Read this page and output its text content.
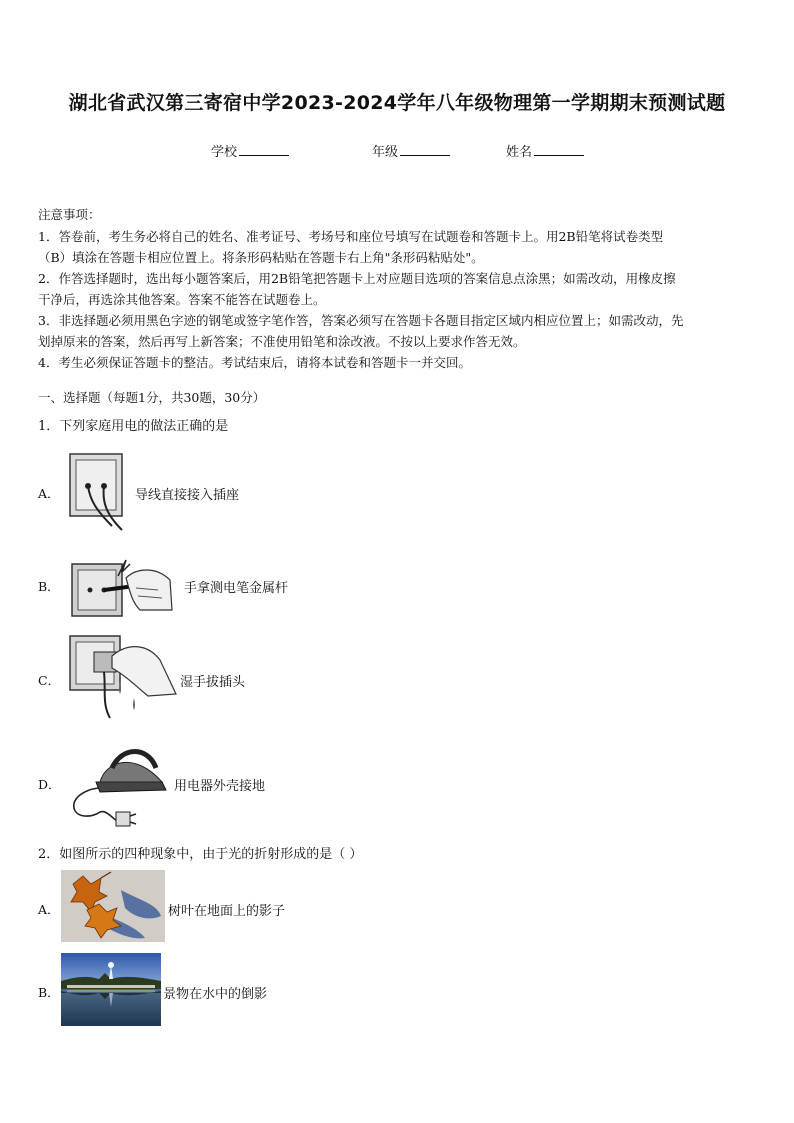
湖北省武汉第三寄宿中学2023-2024学年八年级物理第一学期期末预测试题
学校	年级	姓名

注意事项：

1．答卷前，考生务必将自己的姓名、准考证号、考场号和座位号填写在试题卷和答题卡上。用2B铅笔将试卷类型

（B）填涂在答题卡相应位置上。将条形码粘贴在答题卡右上角"条形码粘贴处"。

2．作答选择题时，选出每小题答案后，用2B铅笔把答题卡上对应题目选项的答案信息点涂黑；如需改动，用橡皮擦

干净后，再选涂其他答案。答案不能答在试题卷上。

3．非选择题必须用黑色字迹的钢笔或签字笔作答，答案必须写在答题卡各题目指定区域内相应位置上；如需改动，先

划掉原来的答案，然后再写上新答案；不准使用铅笔和涂改液。不按以上要求作答无效。

4．考生必须保证答题卡的整洁。考试结束后，请将本试卷和答题卡一并交回。

一、选择题（每题1分，共30题，30分）
1．下列家庭用电的做法正确的是
A．	导线直接接入插座
B．	手拿测电笔金属杆
C．	湿手拔插头
D．	用电器外壳接地
2．如图所示的四种现象中，由于光的折射形成的是（ ）
A．	树叶在地面上的影子
B．	景物在水中的倒影
